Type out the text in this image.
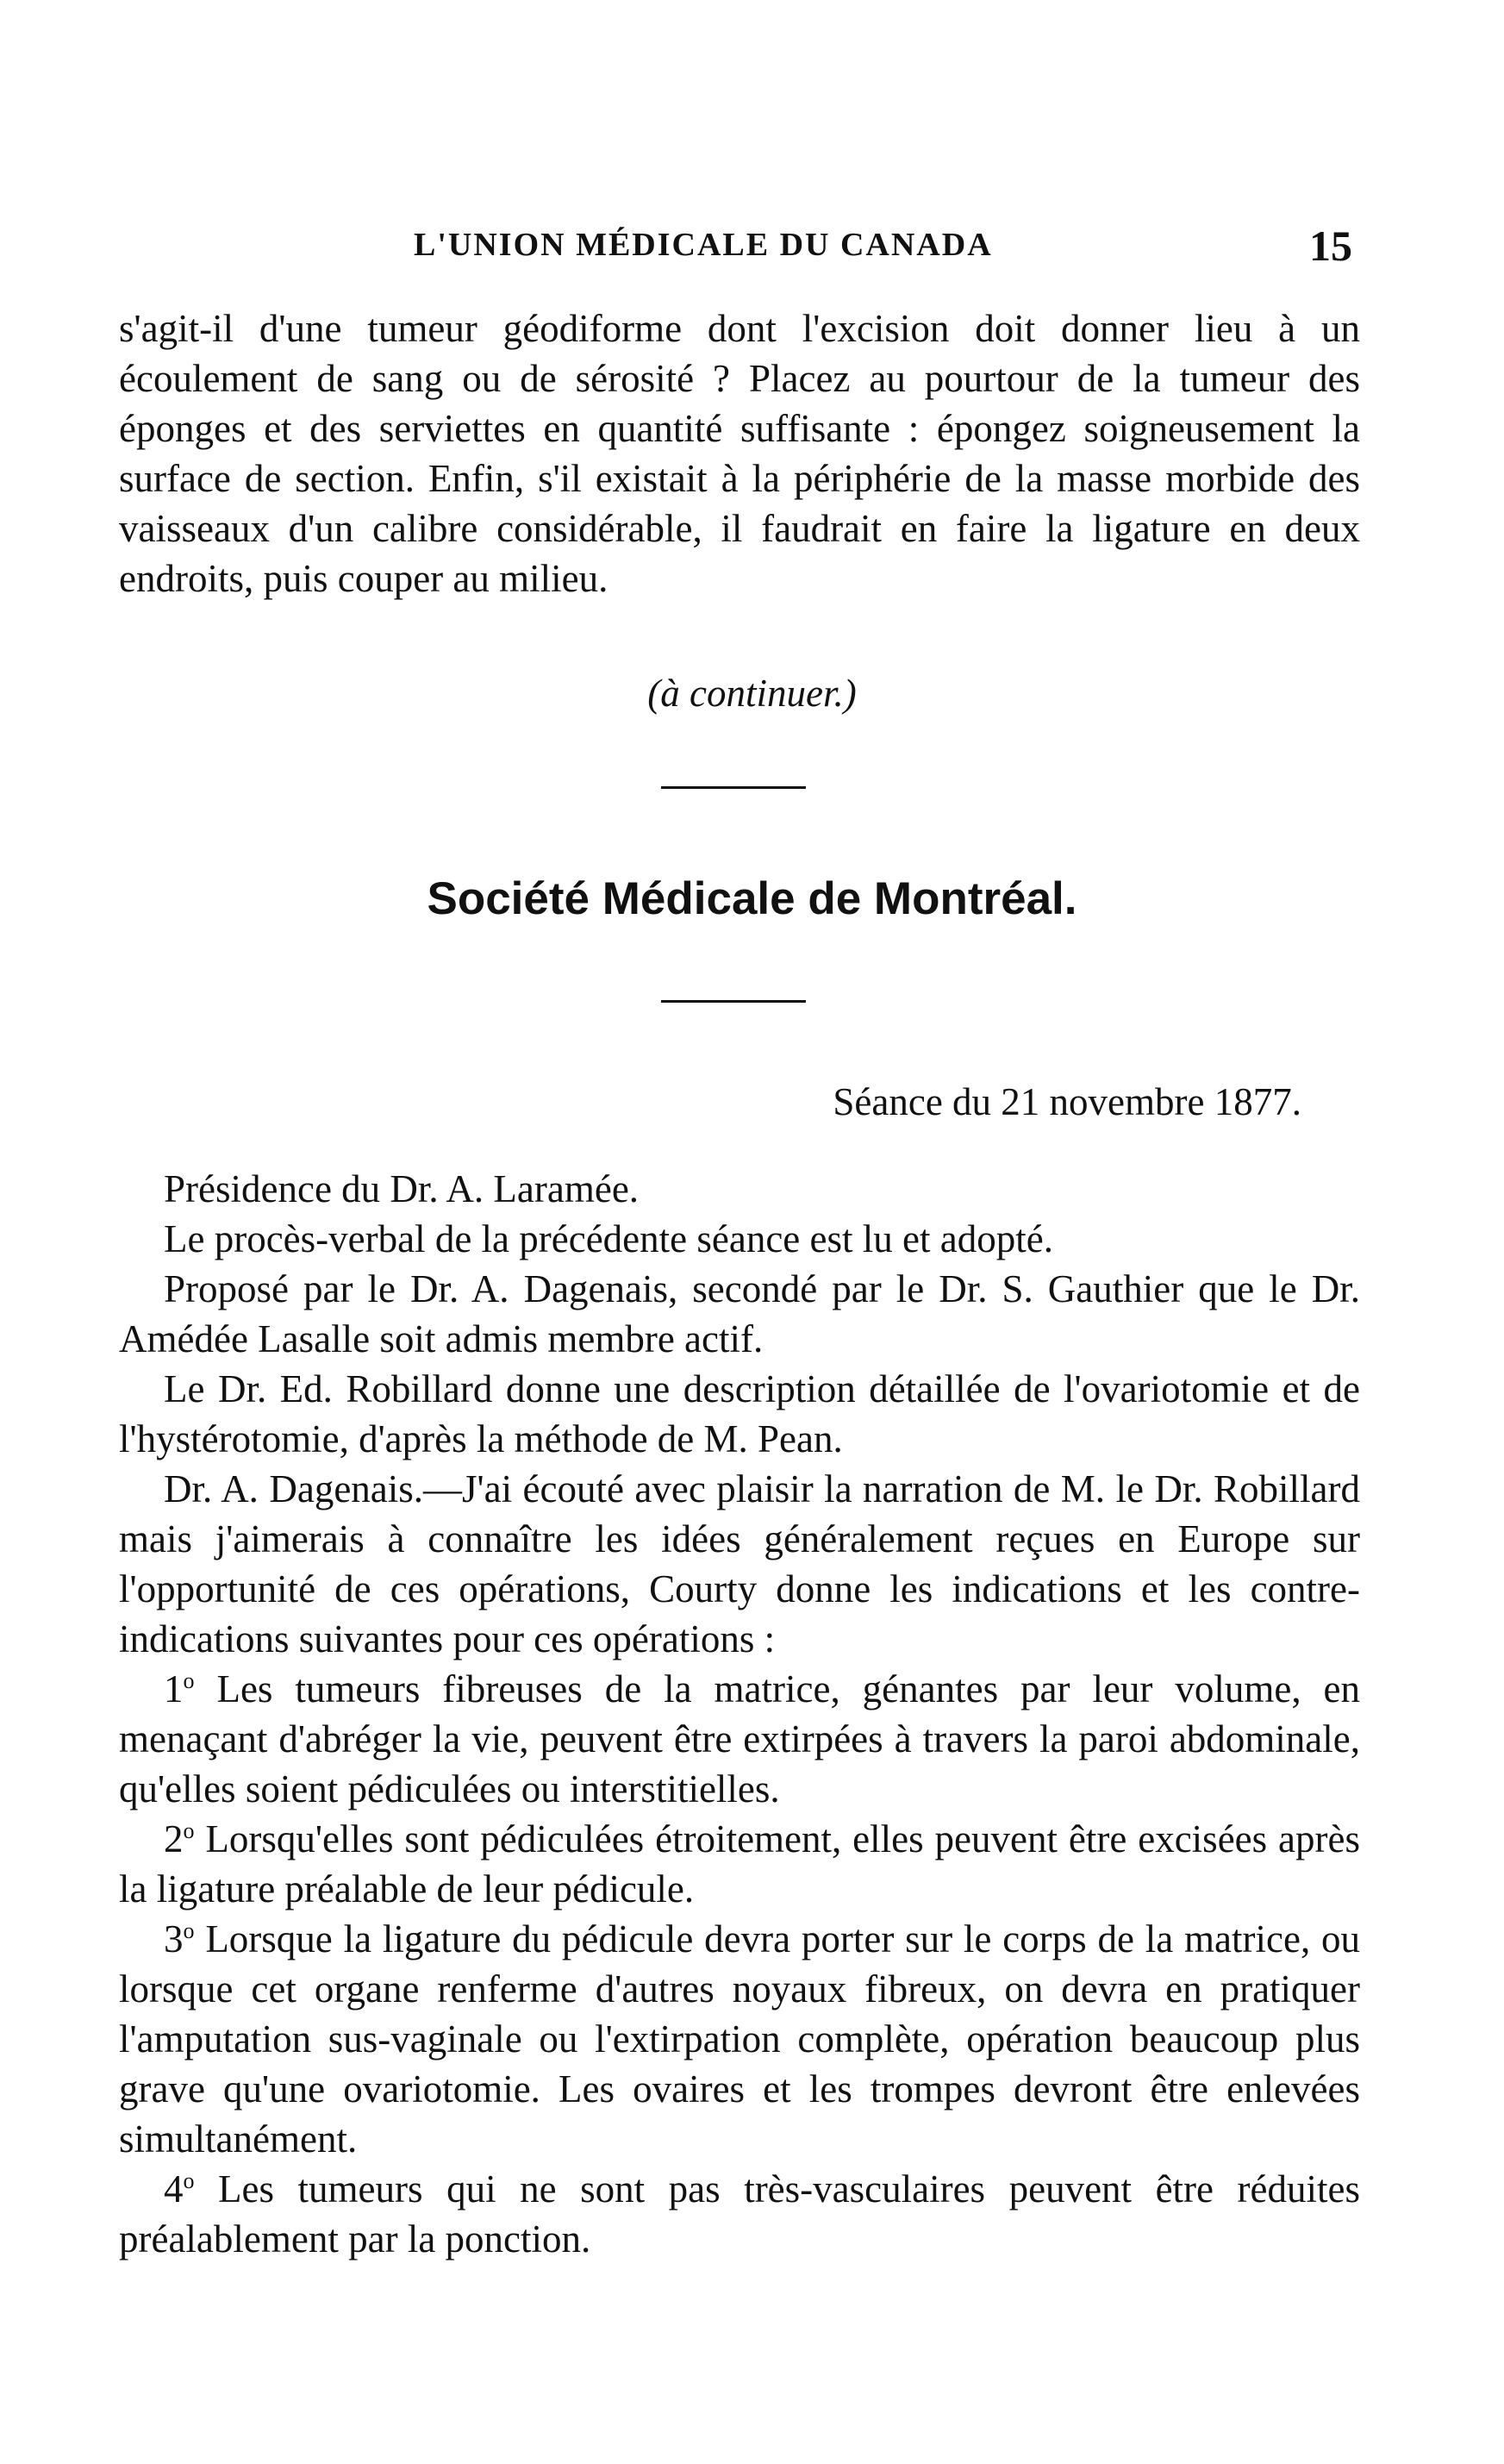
L'UNION MÉDICALE DU CANADA	15

s'agit-il d'une tumeur géodiforme dont l'excision doit donner lieu à un écoulement de sang ou de sérosité ? Placez au pourtour de la tumeur des éponges et des serviettes en quantité suffisante : épongez soigneusement la surface de section. Enfin, s'il existait à la périphérie de la masse morbide des vaisseaux d'un calibre considérable, il faudrait en faire la ligature en deux endroits, puis couper au milieu.

(à continuer.)
Société Médicale de Montréal.
Séance du 21 novembre 1877.

Présidence du Dr. A. Laramée.

Le procès-verbal de la précédente séance est lu et adopté.

Proposé par le Dr. A. Dagenais, secondé par le Dr. S. Gauthier que le Dr. Amédée Lasalle soit admis membre actif.

Le Dr. Ed. Robillard donne une description détaillée de l'ovariotomie et de l'hystérotomie, d'après la méthode de M. Pean.

Dr. A. Dagenais.—J'ai écouté avec plaisir la narration de M. le Dr. Robillard mais j'aimerais à connaître les idées généralement reçues en Europe sur l'opportunité de ces opérations, Courty donne les indications et les contre-indications suivantes pour ces opérations :

1$^o$ Les tumeurs fibreuses de la matrice, génantes par leur volume, en menaçant d'abréger la vie, peuvent être extirpées à travers la paroi abdominale, qu'elles soient pédiculées ou interstitielles.

2$^o$ Lorsqu'elles sont pédiculées étroitement, elles peuvent être excisées après la ligature préalable de leur pédicule.

3$^o$ Lorsque la ligature du pédicule devra porter sur le corps de la matrice, ou lorsque cet organe renferme d'autres noyaux fibreux, on devra en pratiquer l'amputation sus-vaginale ou l'extirpation complète, opération beaucoup plus grave qu'une ovariotomie. Les ovaires et les trompes devront être enlevées simultanément.

4$^o$ Les tumeurs qui ne sont pas très-vasculaires peuvent être réduites préalablement par la ponction.
